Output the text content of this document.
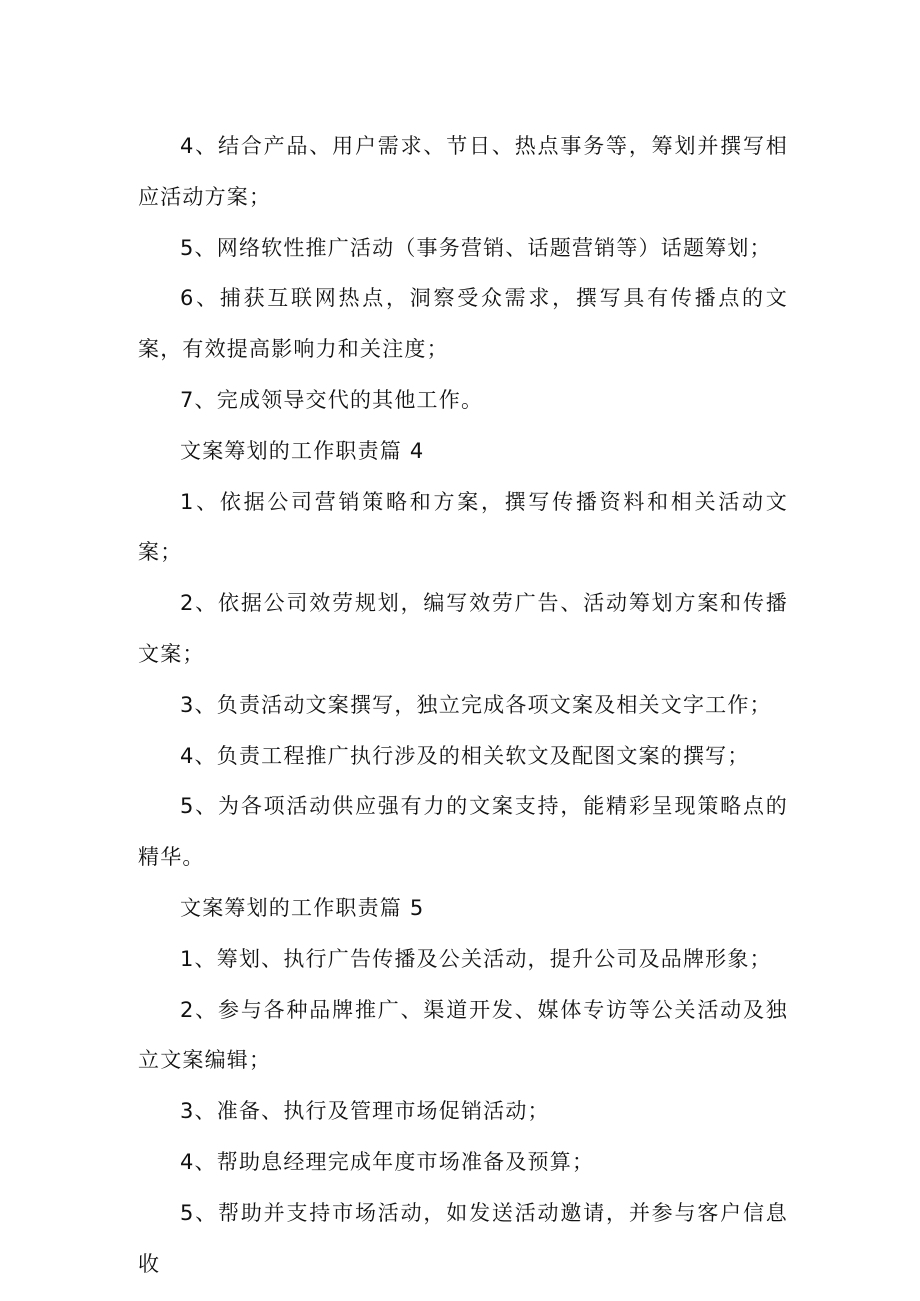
4、结合产品、用户需求、节日、热点事务等，筹划并撰写相应活动方案；

5、网络软性推广活动（事务营销、话题营销等）话题筹划；

6、捕获互联网热点，洞察受众需求，撰写具有传播点的文案，有效提高影响力和关注度；

7、完成领导交代的其他工作。

文案筹划的工作职责篇 4

1、依据公司营销策略和方案，撰写传播资料和相关活动文案；

2、依据公司效劳规划，编写效劳广告、活动筹划方案和传播文案；

3、负责活动文案撰写，独立完成各项文案及相关文字工作；

4、负责工程推广执行涉及的相关软文及配图文案的撰写；

5、为各项活动供应强有力的文案支持，能精彩呈现策略点的精华。

文案筹划的工作职责篇 5

1、筹划、执行广告传播及公关活动，提升公司及品牌形象；

2、参与各种品牌推广、渠道开发、媒体专访等公关活动及独立文案编辑；

3、准备、执行及管理市场促销活动；

4、帮助息经理完成年度市场准备及预算；

5、帮助并支持市场活动，如发送活动邀请，并参与客户信息收
